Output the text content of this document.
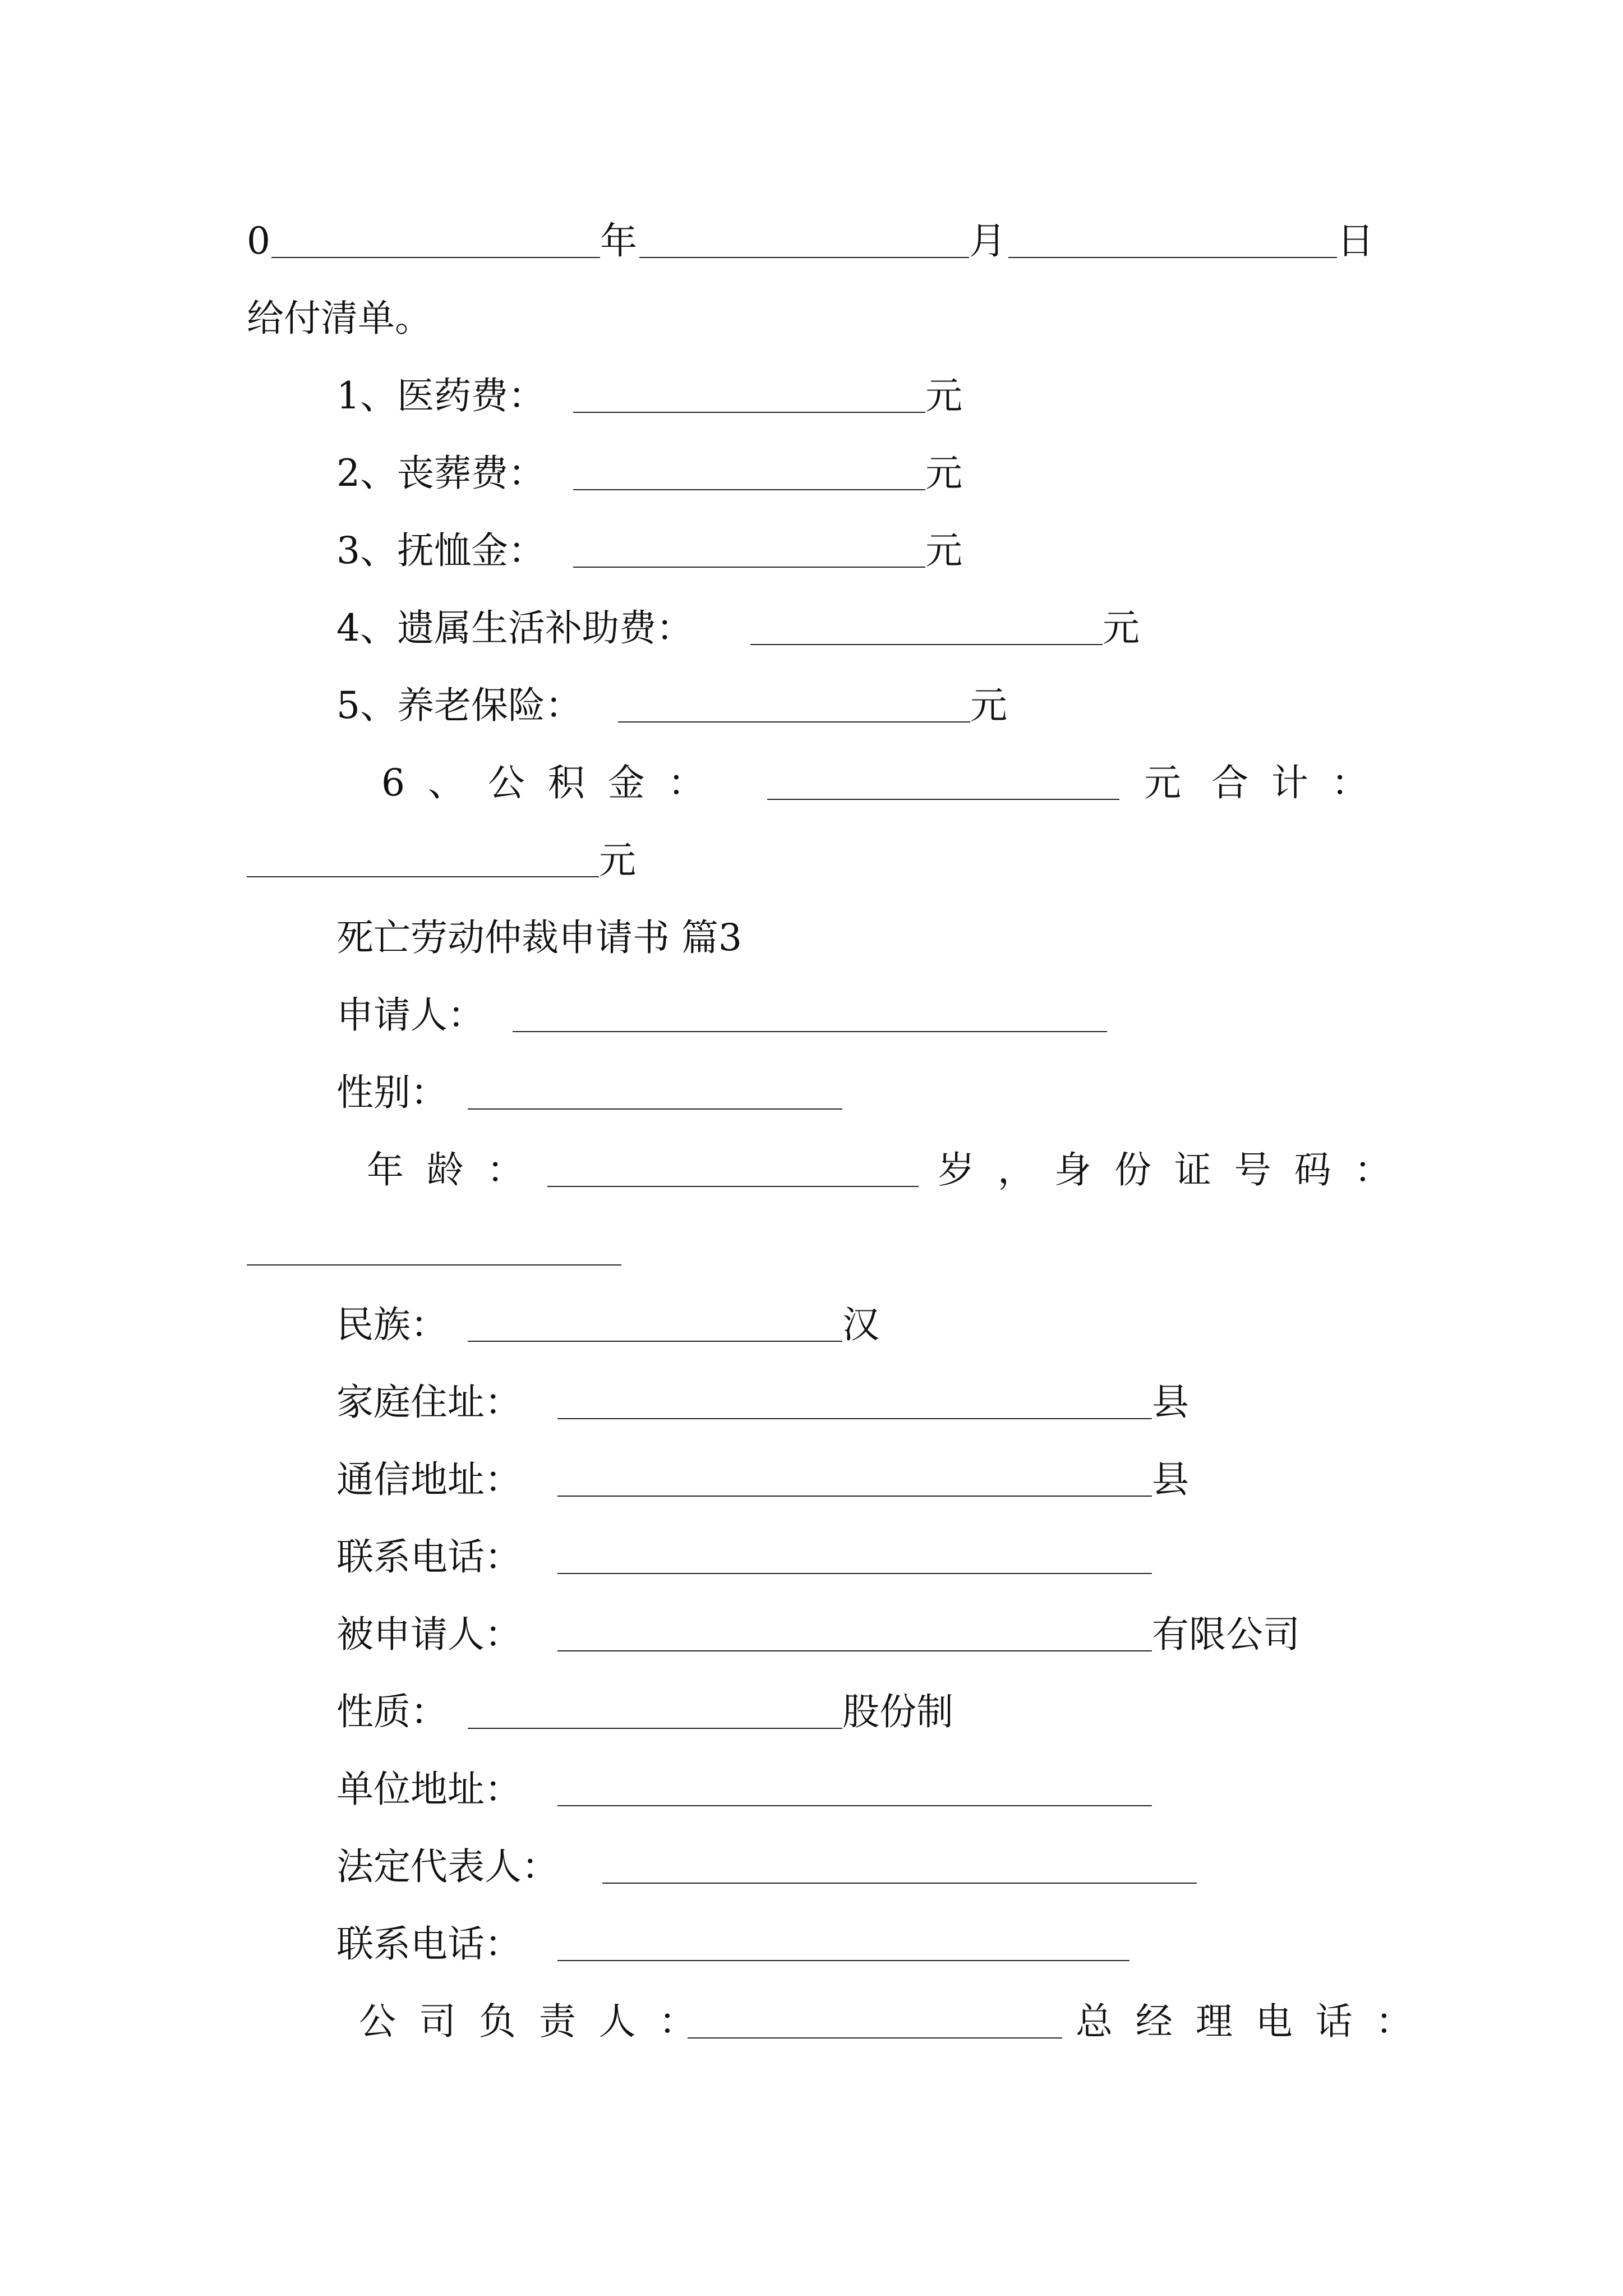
0	年	月	日
给付清单。
1、医药费：	元
2、丧葬费：	元
3、抚恤金：	元
4、遗属生活补助费：	元
5、养老保险：	元
6、公积金：	元 合计：
元
死亡劳动仲裁申请书 篇3
申请人：
性别：
年龄：	岁，
身份证号码：
民族：	汉
家庭住址：	县
通信地址：	县
联系电话：
被申请人：	有限公司
性质：	股份制
单位地址：
法定代表人：
联系电话：
公司负责人：	总经理电话：
